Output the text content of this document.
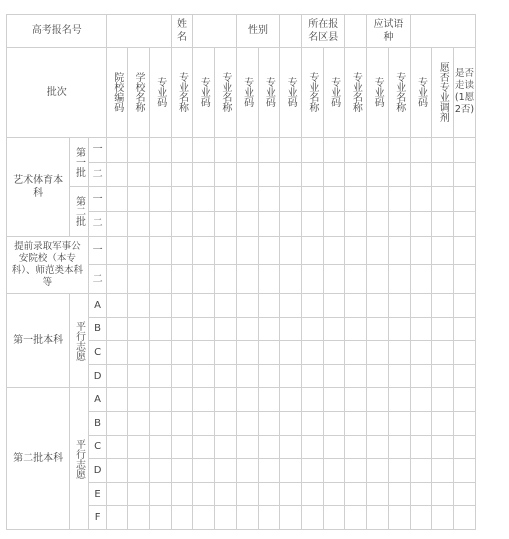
高考报名号						姓名			性别			所在报名区县			应试语种				

批次			院校编码	学校名称	专业码	专业名称	专业码	专业名称	专业码	专业码	专业码	专业名称	专业码	专业名称	专业码	专业名称	专业码	愿否专业调剂	是否走读(1愿2否)

艺术体育本科	第一批	一																	
		二																	

	第二批	一																	
		二																	

提前录取军事公安院校（本专科）、师范类本科等		一																	
		二																	
第一批本科	平行志愿	A																	
		B																	
		C																	
		D																	
第二批本科	平行志愿	A																	
		B																	
		C																	
		D																	
		E																	
		F																	
